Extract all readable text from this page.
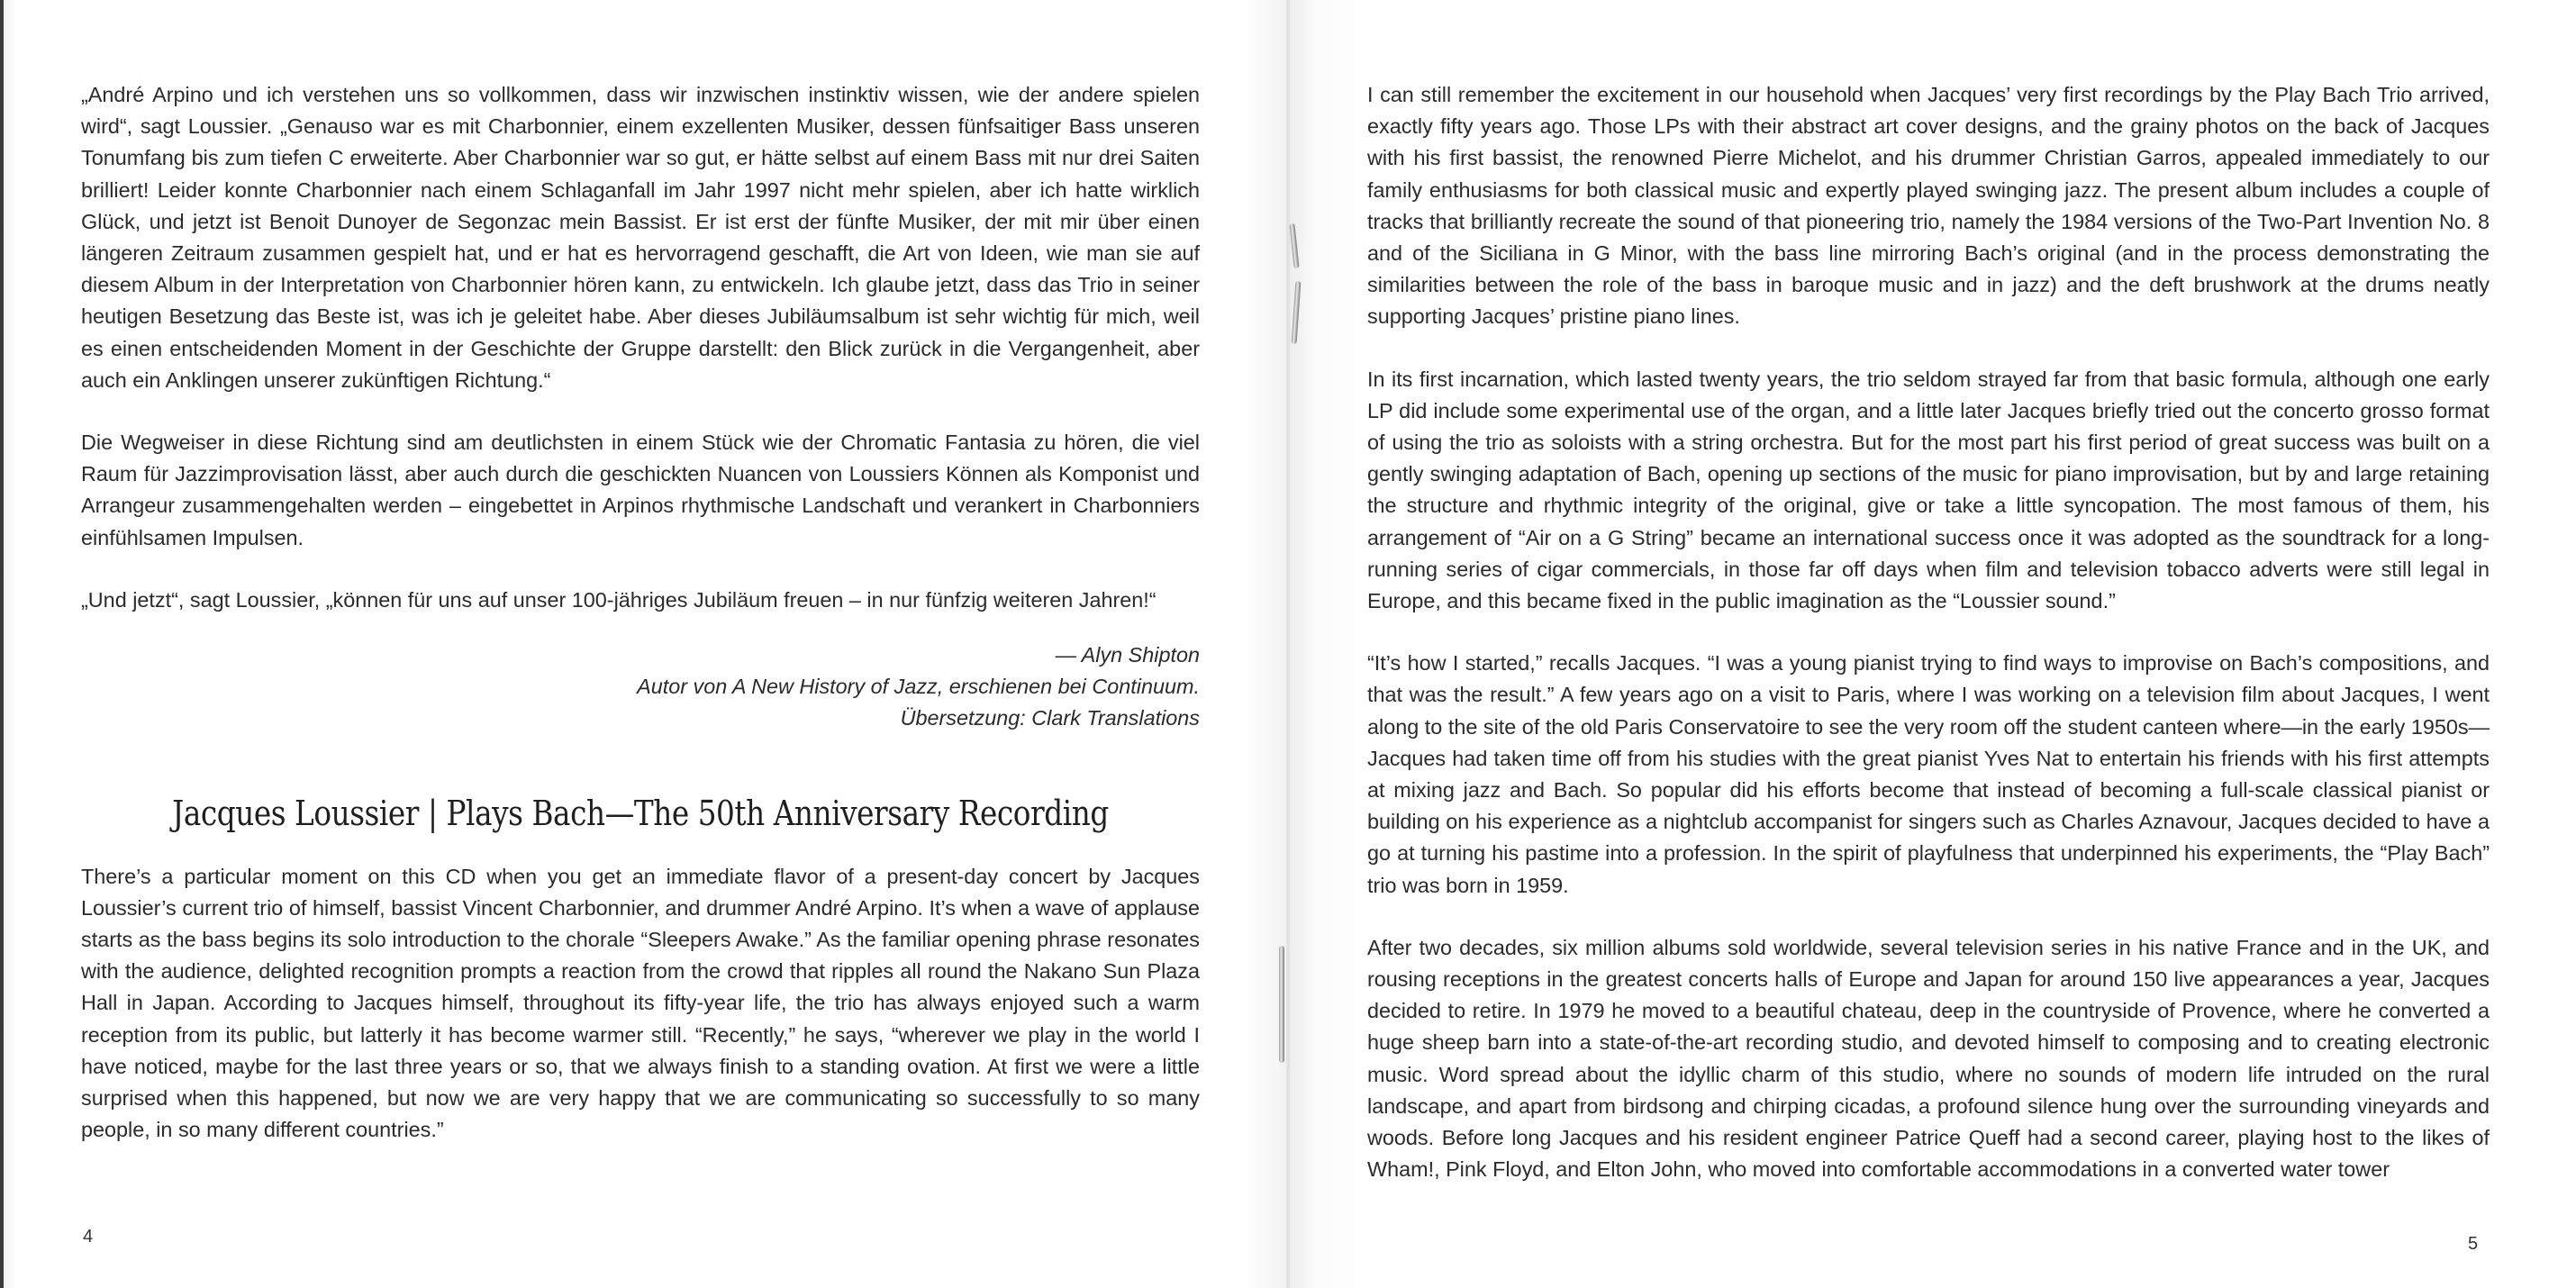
„André Arpino und ich verstehen uns so vollkommen, dass wir inzwischen instinktiv wissen, wie der andere spielen wird“, sagt Loussier. „Genauso war es mit Charbonnier, einem exzellenten Musiker, dessen fünfsaitiger Bass unseren Tonumfang bis zum tiefen C erweiterte. Aber Charbonnier war so gut, er hätte selbst auf einem Bass mit nur drei Saiten brilliert! Leider konnte Charbonnier nach einem Schlaganfall im Jahr 1997 nicht mehr spielen, aber ich hatte wirklich Glück, und jetzt ist Benoit Dunoyer de Segonzac mein Bassist. Er ist erst der fünfte Musiker, der mit mir über einen längeren Zeitraum zusammen gespielt hat, und er hat es hervorragend geschafft, die Art von Ideen, wie man sie auf diesem Album in der Interpretation von Charbonnier hören kann, zu entwickeln. Ich glaube jetzt, dass das Trio in seiner heutigen Besetzung das Beste ist, was ich je geleitet habe. Aber dieses Jubiläumsalbum ist sehr wichtig für mich, weil es einen entscheidenden Moment in der Geschichte der Gruppe darstellt: den Blick zurück in die Vergangenheit, aber auch ein Anklingen unserer zukünftigen Richtung.“

Die Wegweiser in diese Richtung sind am deutlichsten in einem Stück wie der Chromatic Fantasia zu hören, die viel Raum für Jazzimprovisation lässt, aber auch durch die geschickten Nuancen von Loussiers Können als Komponist und Arrangeur zusammengehalten werden – eingebettet in Arpinos rhythmische Landschaft und verankert in Charbonniers einfühlsamen Impulsen.

„Und jetzt“, sagt Loussier, „können für uns auf unser 100-jähriges Jubiläum freuen – in nur fünfzig weiteren Jahren!“

— Alyn Shipton
Autor von A New History of Jazz, erschienen bei Continuum.
Übersetzung: Clark Translations
Jacques Loussier | Plays Bach—The 50th Anniversary Recording

There’s a particular moment on this CD when you get an immediate flavor of a present-day concert by Jacques Loussier’s current trio of himself, bassist Vincent Charbonnier, and drummer André Arpino. It’s when a wave of applause starts as the bass begins its solo introduction to the chorale “Sleepers Awake.” As the familiar opening phrase resonates with the audience, delighted recognition prompts a reaction from the crowd that ripples all round the Nakano Sun Plaza Hall in Japan. According to Jacques himself, throughout its fifty-year life, the trio has always enjoyed such a warm reception from its public, but latterly it has become warmer still. “Recently,” he says, “wherever we play in the world I have noticed, maybe for the last three years or so, that we always finish to a standing ovation. At first we were a little surprised when this happened, but now we are very happy that we are communicating so successfully to so many people, in so many different countries.”

I can still remember the excitement in our household when Jacques’ very first recordings by the Play Bach Trio arrived, exactly fifty years ago. Those LPs with their abstract art cover designs, and the grainy photos on the back of Jacques with his first bassist, the renowned Pierre Michelot, and his drummer Christian Garros, appealed immediately to our family enthusiasms for both classical music and expertly played swinging jazz. The present album includes a couple of tracks that brilliantly recreate the sound of that pioneering trio, namely the 1984 versions of the Two-Part Invention No. 8 and of the Siciliana in G Minor, with the bass line mirroring Bach’s original (and in the process demonstrating the similarities between the role of the bass in baroque music and in jazz) and the deft brushwork at the drums neatly supporting Jacques’ pristine piano lines.

In its first incarnation, which lasted twenty years, the trio seldom strayed far from that basic formula, although one early LP did include some experimental use of the organ, and a little later Jacques briefly tried out the concerto grosso format of using the trio as soloists with a string orchestra. But for the most part his first period of great success was built on a gently swinging adaptation of Bach, opening up sections of the music for piano improvisation, but by and large retaining the structure and rhythmic integrity of the original, give or take a little syncopation. The most famous of them, his arrangement of “Air on a G String” became an international success once it was adopted as the soundtrack for a long-running series of cigar commercials, in those far off days when film and television tobacco adverts were still legal in Europe, and this became fixed in the public imagination as the “Loussier sound.”

“It’s how I started,” recalls Jacques. “I was a young pianist trying to find ways to improvise on Bach’s compositions, and that was the result.” A few years ago on a visit to Paris, where I was working on a television film about Jacques, I went along to the site of the old Paris Conservatoire to see the very room off the student canteen where—in the early 1950s—Jacques had taken time off from his studies with the great pianist Yves Nat to entertain his friends with his first attempts at mixing jazz and Bach. So popular did his efforts become that instead of becoming a full-scale classical pianist or building on his experience as a nightclub accompanist for singers such as Charles Aznavour, Jacques decided to have a go at turning his pastime into a profession. In the spirit of playfulness that underpinned his experiments, the “Play Bach” trio was born in 1959.

After two decades, six million albums sold worldwide, several television series in his native France and in the UK, and rousing receptions in the greatest concerts halls of Europe and Japan for around 150 live appearances a year, Jacques decided to retire. In 1979 he moved to a beautiful chateau, deep in the countryside of Provence, where he converted a huge sheep barn into a state-of-the-art recording studio, and devoted himself to composing and to creating electronic music. Word spread about the idyllic charm of this studio, where no sounds of modern life intruded on the rural landscape, and apart from birdsong and chirping cicadas, a profound silence hung over the surrounding vineyards and woods. Before long Jacques and his resident engineer Patrice Queff had a second career, playing host to the likes of Wham!, Pink Floyd, and Elton John, who moved into comfortable accommodations in a converted water tower

4	5
